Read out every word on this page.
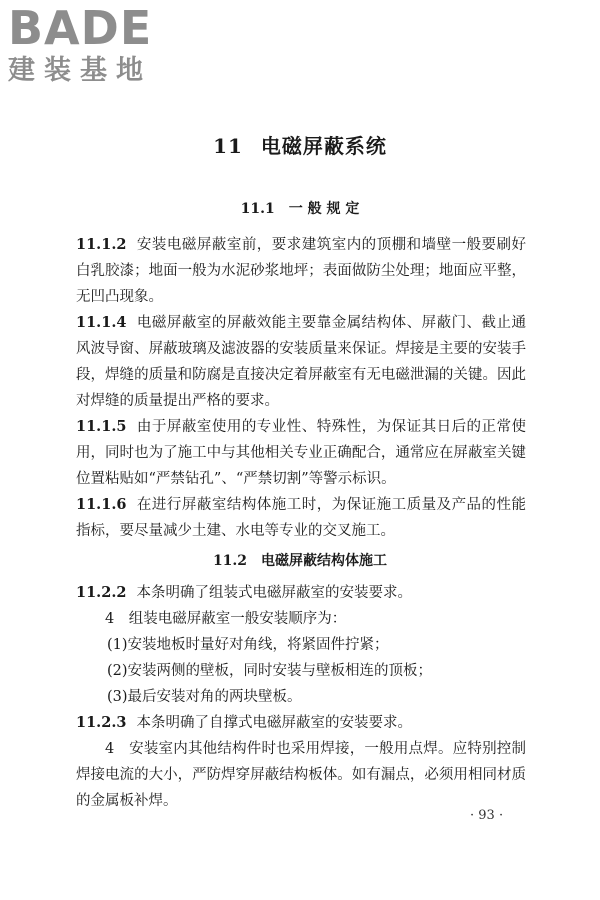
BADE
建装基地
11 电磁屏蔽系统
11.1 一 般 规 定

11.1.2 安装电磁屏蔽室前，要求建筑室内的顶棚和墙壁一般要刷好白乳胶漆；地面一般为水泥砂浆地坪；表面做防尘处理；地面应平整，无凹凸现象。

11.1.4 电磁屏蔽室的屏蔽效能主要靠金属结构体、屏蔽门、截止通风波导窗、屏蔽玻璃及滤波器的安装质量来保证。焊接是主要的安装手段，焊缝的质量和防腐是直接决定着屏蔽室有无电磁泄漏的关键。因此对焊缝的质量提出严格的要求。

11.1.5 由于屏蔽室使用的专业性、特殊性，为保证其日后的正常使用，同时也为了施工中与其他相关专业正确配合，通常应在屏蔽室关键位置粘贴如“严禁钻孔”、“严禁切割”等警示标识。

11.1.6 在进行屏蔽室结构体施工时，为保证施工质量及产品的性能指标，要尽量减少土建、水电等专业的交叉施工。

11.2 电磁屏蔽结构体施工

11.2.2 本条明确了组装式电磁屏蔽室的安装要求。

4　组装电磁屏蔽室一般安装顺序为：

(1)安装地板时量好对角线，将紧固件拧紧；

(2)安装两侧的壁板，同时安装与壁板相连的顶板；

(3)最后安装对角的两块壁板。

11.2.3 本条明确了自撑式电磁屏蔽室的安装要求。

4　安装室内其他结构件时也采用焊接，一般用点焊。应特别控制焊接电流的大小，严防焊穿屏蔽结构板体。如有漏点，必须用相同材质的金属板补焊。

· 93 ·
